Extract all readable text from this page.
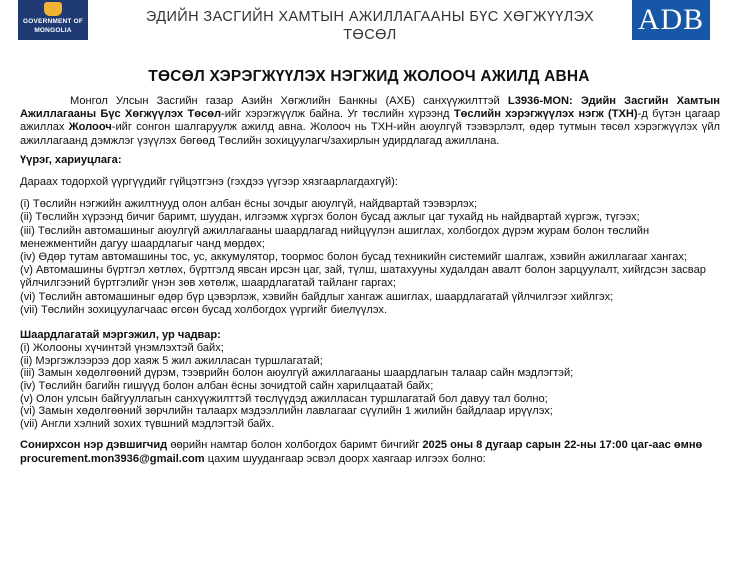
GOVERNMENT OF
MONGOLIA
ЭДИЙН ЗАСГИЙН ХАМТЫН АЖИЛЛАГААНЫ БҮС ХӨГЖҮҮЛЭХ
ТӨСӨЛ	ADB
ТӨСӨЛ ХЭРЭГЖҮҮЛЭХ НЭГЖИД ЖОЛООЧ АЖИЛД АВНА

Монгол Улсын Засгийн газар Азийн Хөгжлийн Банкны (АХБ) санхүүжилттэй L3936-MON: Эдийн Засгийн Хамтын Ажиллагааны Бүс Хөгжүүлэх Төсөл-ийг хэрэгжүүлж байна. Уг төслийн хүрээнд Төслийн хэрэгжүүлэх нэгж (ТХН)-д бүтэн цагаар ажиллах Жолооч-ийг сонгон шалгаруулж ажилд авна. Жолооч нь ТХН-ийн аюулгүй тээвэрлэлт, өдөр тутмын төсөл хэрэгжүүлэх үйл ажиллагаанд дэмжлэг үзүүлэх бөгөөд Төслийн зохицуулагч/захирлын удирдлагад ажиллана.

Үүрэг, хариуцлага:

Дараах тодорхой үүргүүдийг гүйцэтгэнэ (гэхдээ үүгээр хязгаарлагдахгүй):

(i) Төслийн нэгжийн ажилтнууд олон албан ёсны зочдыг аюулгүй, найдвартай тээвэрлэх;
(ii) Төслийн хүрээнд бичиг баримт, шуудан, илгээмж хүргэх болон бусад ажлыг цаг тухайд нь найдвартай хүргэж, түгээх;
(iii) Төслийн автомашиныг аюулгүй ажиллагааны шаардлагад нийцүүлэн ашиглах, холбогдох дүрэм журам болон төслийн менежментийн дагуу шаардлагыг чанд мөрдөх;
(iv) Өдөр тутам автомашины тос, ус, аккумулятор, тоормос болон бусад техникийн системийг шалгаж, хэвийн ажиллагааг хангах;
(v) Автомашины бүртгэл хөтлөх, бүртгэлд явсан ирсэн цаг, зай, түлш, шатахууны худалдан авалт болон зарцуулалт, хийгдсэн засвар үйлчилгээний бүртгэлийг үнэн зөв хөтөлж, шаардлагатай тайланг гаргах;
(vi) Төслийн автомашиныг өдөр бүр цэвэрлэж, хэвийн байдлыг хангаж ашиглах, шаардлагатай үйлчилгээг хийлгэх;
(vii) Төслийн зохицуулагчаас өгсөн бусад холбогдох үүргийг биелүүлэх.

Шаардлагатай мэргэжил, ур чадвар:

(i) Жолооны хүчинтэй үнэмлэхтэй байх;
(ii) Мэргэжлээрээ дор хаяж 5 жил ажилласан туршлагатай;
(iii) Замын хөдөлгөөний дүрэм, тээврийн болон аюулгүй ажиллагааны шаардлагын талаар сайн мэдлэгтэй;
(iv) Төслийн багийн гишүүд болон албан ёсны зочидтой сайн харилцаатай байх;
(v) Олон улсын байгууллагын санхүүжилттэй төслүүдэд ажилласан туршлагатай бол давуу тал болно;
(vi) Замын хөдөлгөөний зөрчлийн талаарх мэдээллийн лавлагааг сүүлийн 1 жилийн байдлаар ирүүлэх;
(vii) Англи хэлний зохих түвшний мэдлэгтэй байх.

Сонирхсон нэр дэвшигчид өөрийн намтар болон холбогдох баримт бичгийг 2025 оны 8 дугаар сарын 22-ны 17:00 цаг-аас өмнө procurement.mon3936@gmail.com цахим шуудангаар эсвэл доорх хаягаар илгээх болно:
